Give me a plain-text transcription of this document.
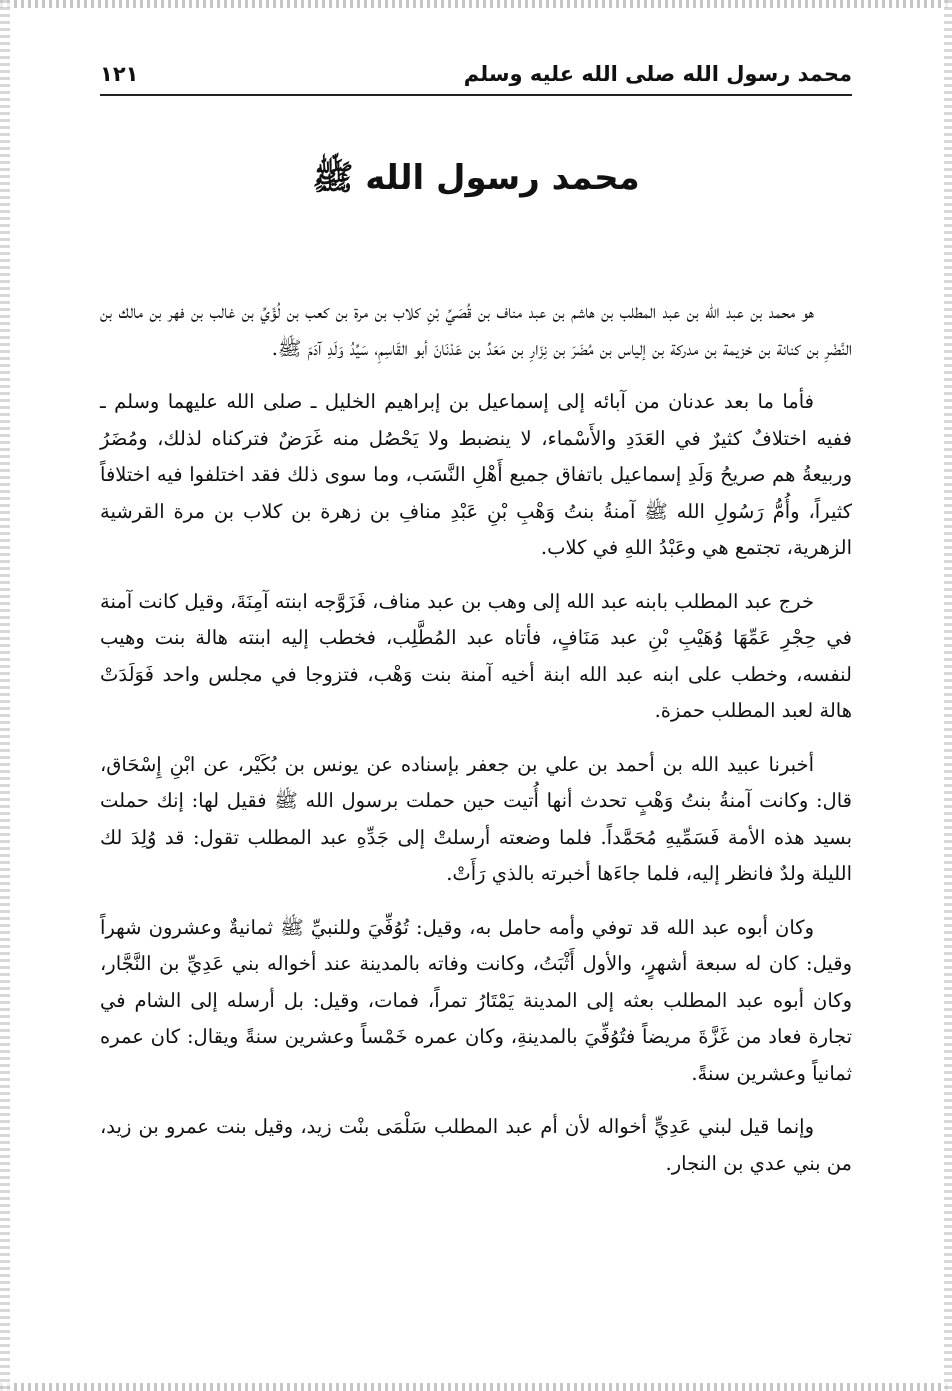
محمد رسول الله صلى الله عليه وسلم
١٢١
محمد رسول الله ﷺ

هو محمد بن عبد الله بن عبد المطلب بن هاشم بن عبد مناف بن قُصَيِّ بْنِ كلاب بن مرة بن كعب بن لُؤَيِّ بن غالب بن فهر بن مالك بن النَّضْرِ بن كنانة بن خزيمة بن مدركة بن إلياس بن مُضَرَ بن نِزَارِ بن مَعَدِّ بن عَدْنَانَ أبو القَاسِمِ، سَيِّدُ وَلَدِ آدَمَ ﷺ.

فأما ما بعد عدنان من آبائه إلى إسماعيل بن إبراهيم الخليل ـ صلى الله عليهما وسلم ـ ففيه اختلافٌ كثيرٌ في العَدَدِ والأَسْماء، لا ينضبط ولا يَحْصُل منه غَرَضٌ فتركناه لذلك، ومُضَرُ وربيعةُ هم صريحُ وَلَدِ إسماعيل باتفاق جميع أَهْلِ النَّسَب، وما سوى ذلك فقد اختلفوا فيه اختلافاً كثيراً، وأُمُّ رَسُولِ الله ﷺ آمنةُ بنتُ وَهْبِ بْنِ عَبْدِ منافِ بن زهرة بن كلاب بن مرة القرشية الزهرية، تجتمع هي وعَبْدُ اللهِ في كلاب.

خرج عبد المطلب بابنه عبد الله إلى وهب بن عبد مناف، فَزَوَّجه ابنته آمِنَةَ، وقيل كانت آمنة في حِجْرِ عَمِّهَا وُهَيْبِ بْنِ عبد مَنَافٍ، فأتاه عبد المُطَّلِب، فخطب إليه ابنته هالة بنت وهيب لنفسه، وخطب على ابنه عبد الله ابنة أخيه آمنة بنت وَهْب، فتزوجا في مجلس واحد فَوَلَدَتْ هالة لعبد المطلب حمزة.

أخبرنا عبيد الله بن أحمد بن علي بن جعفر بإسناده عن يونس بن بُكَيْر، عن ابْنِ إِسْحَاق، قال: وكانت آمنةُ بنتُ وَهْبٍ تحدث أنها أُتيت حين حملت برسول الله ﷺ فقيل لها: إنك حملت بسيد هذه الأمة فَسَمِّيهِ مُحَمَّداً. فلما وضعته أرسلتْ إلى جَدِّهِ عبد المطلب تقول: قد وُلِدَ لك الليلة ولدٌ فانظر إليه، فلما جاءَها أخبرته بالذي رَأَتْ.

وكان أبوه عبد الله قد توفي وأمه حامل به، وقيل: تُوُفِّيَ وللنبيِّ ﷺ ثمانيةٌ وعشرون شهراً وقيل: كان له سبعة أشهرٍ، والأول أَثْبَتُ، وكانت وفاته بالمدينة عند أخواله بني عَدِيِّ بن النَّجَّار، وكان أبوه عبد المطلب بعثه إلى المدينة يَمْتَارُ تمراً، فمات، وقيل: بل أرسله إلى الشام في تجارة فعاد من غَزَّةَ مريضاً فتُوُفِّيَ بالمدينةِ، وكان عمره خَمْساً وعشرين سنةً ويقال: كان عمره ثمانياً وعشرين سنةً.

وإنما قيل لبني عَدِيٍّ أخواله لأن أم عبد المطلب سَلْمَى بنْت زيد، وقيل بنت عمرو بن زيد، من بني عدي بن النجار.
